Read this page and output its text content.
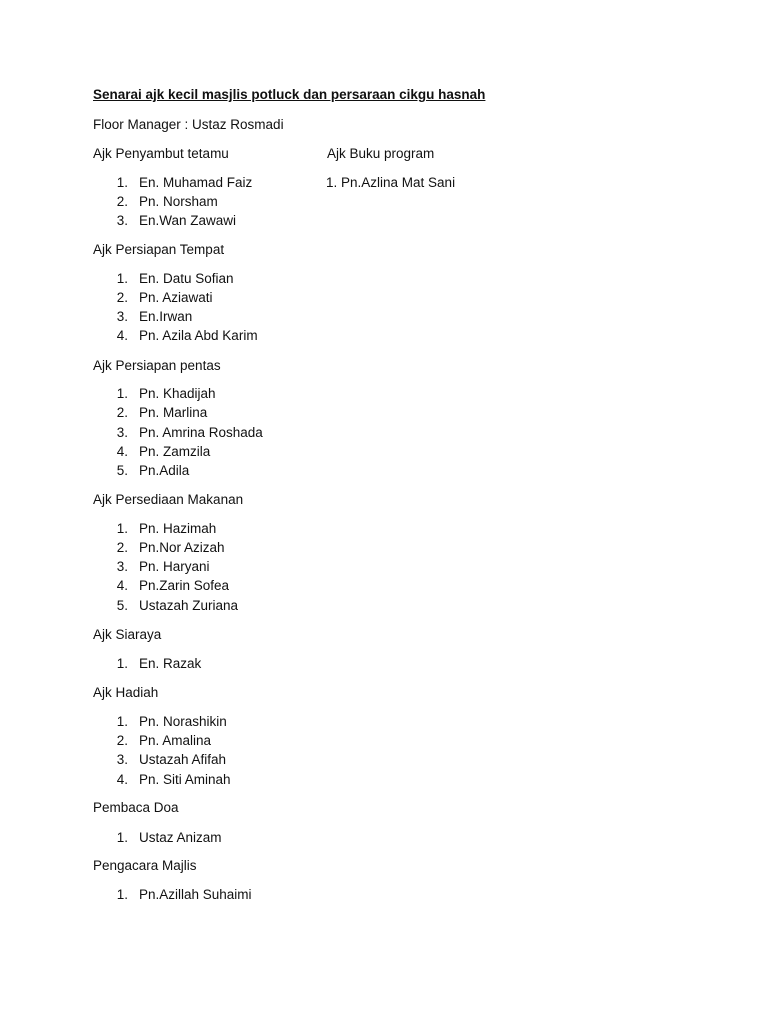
Senarai ajk kecil masjlis potluck dan persaraan cikgu hasnah
Floor Manager : Ustaz Rosmadi
Ajk Penyambut tetamu
1. En. Muhamad Faiz
2. Pn. Norsham
3. En.Wan Zawawi
Ajk Buku program
1. Pn.Azlina Mat Sani
Ajk Persiapan Tempat
1. En. Datu Sofian
2. Pn. Aziawati
3. En.Irwan
4. Pn. Azila Abd Karim
Ajk Persiapan pentas
1. Pn. Khadijah
2. Pn. Marlina
3. Pn. Amrina Roshada
4. Pn. Zamzila
5. Pn.Adila
Ajk Persediaan Makanan
1. Pn. Hazimah
2. Pn.Nor Azizah
3. Pn. Haryani
4. Pn.Zarin Sofea
5. Ustazah Zuriana
Ajk Siaraya
1. En. Razak
Ajk Hadiah
1. Pn. Norashikin
2. Pn. Amalina
3. Ustazah Afifah
4. Pn. Siti Aminah
Pembaca Doa
1. Ustaz Anizam
Pengacara Majlis
1. Pn.Azillah Suhaimi
